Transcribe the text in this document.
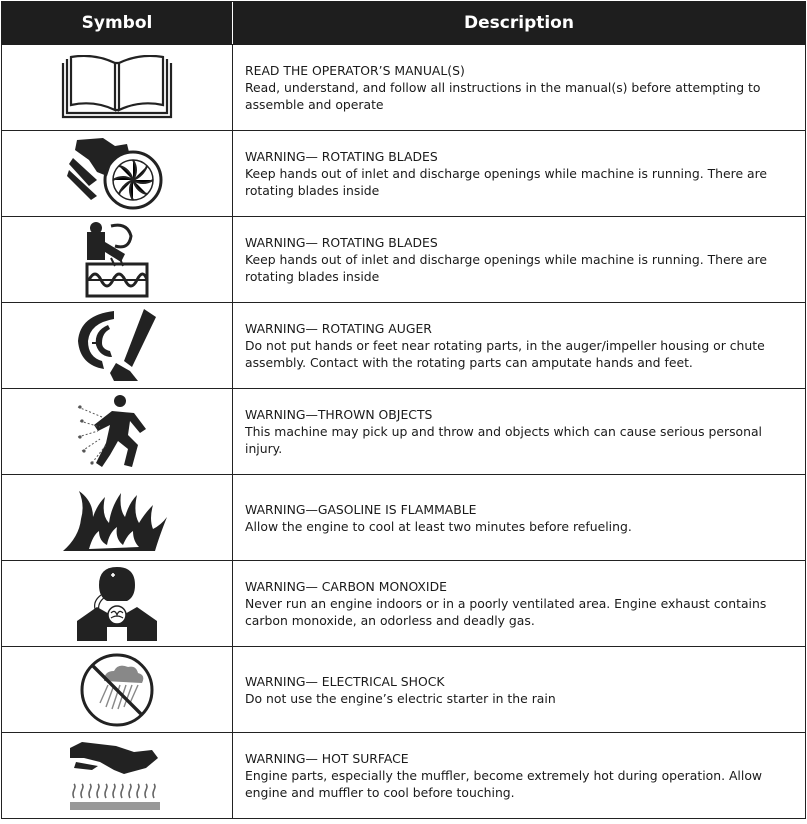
Symbol	Description
READ THE OPERATOR’S MANUAL(S)
Read, understand, and follow all instructions in the manual(s) before attempting to assemble and operate
WARNING— ROTATING BLADES
Keep hands out of inlet and discharge openings while machine is running. There are rotating blades inside
WARNING— ROTATING BLADES
Keep hands out of inlet and discharge openings while machine is running. There are rotating blades inside
WARNING— ROTATING AUGER
Do not put hands or feet near rotating parts, in the auger/impeller housing or chute assembly. Contact with the rotating parts can amputate hands and feet.
WARNING—THROWN OBJECTS
This machine may pick up and throw and objects which can cause serious personal injury.
WARNING—GASOLINE IS FLAMMABLE
Allow the engine to cool at least two minutes before refueling.
WARNING— CARBON MONOXIDE
Never run an engine indoors or in a poorly ventilated area. Engine exhaust contains carbon monoxide, an odorless and deadly gas.
WARNING— ELECTRICAL SHOCK
Do not use the engine’s electric starter in the rain
WARNING— HOT SURFACE
Engine parts, especially the muffler, become extremely hot during operation. Allow engine and muffler to cool before touching.
